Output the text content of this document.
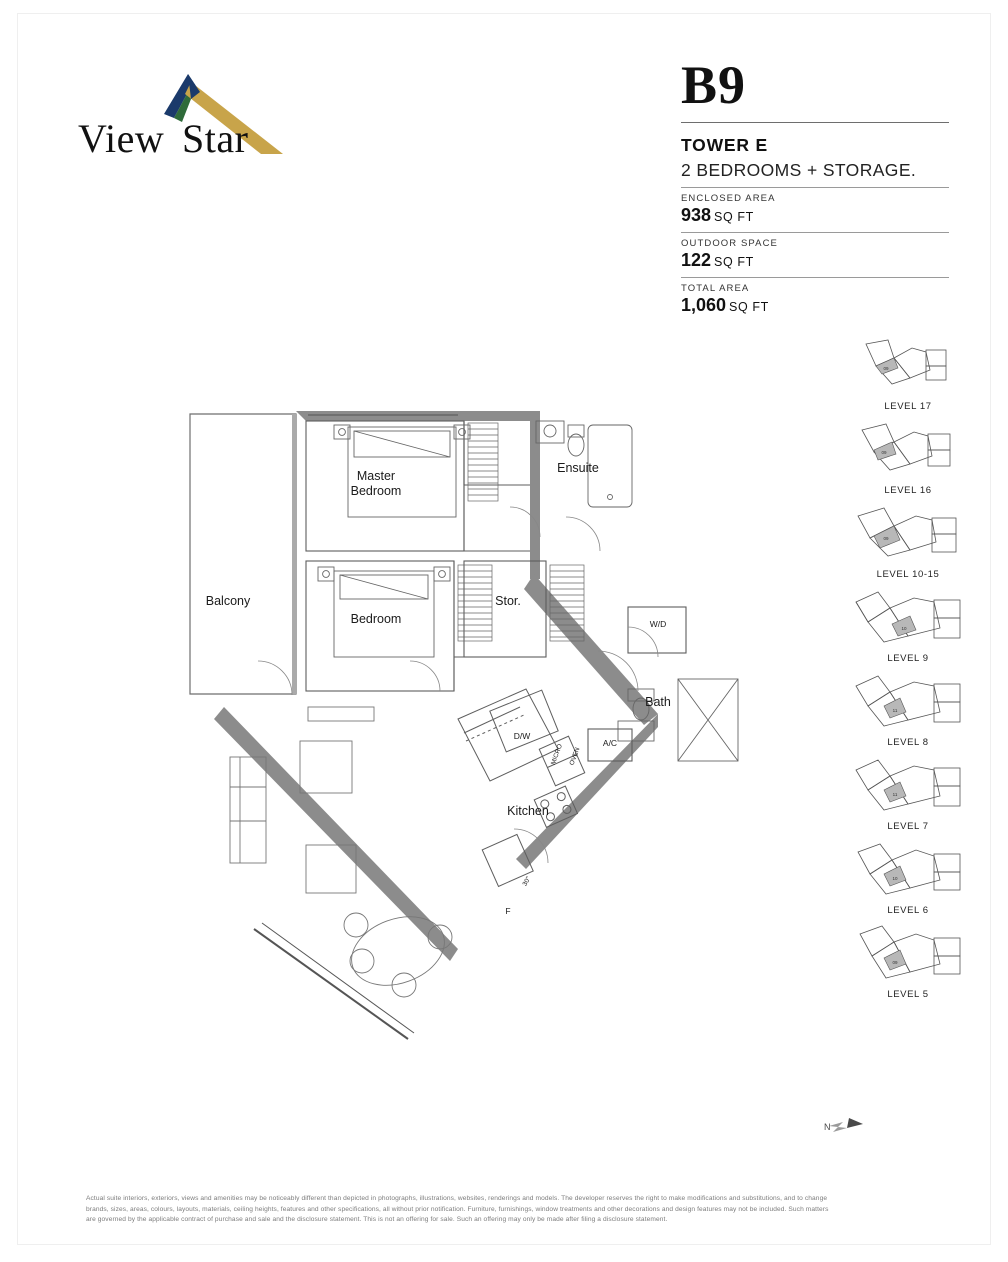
View Star
B9
TOWER E
2 BEDROOMS + STORAGE.
ENCLOSED AREA
938 SQ FT
OUTDOOR SPACE
122 SQ FT
TOTAL AREA
1,060 SQ FT
09
LEVEL 17
09
LEVEL 16
09
LEVEL 10-15
10
LEVEL 9
11
LEVEL 8
11
LEVEL 7
10
LEVEL 6
09
LEVEL 5
Master
Bedroom
Ensuite
Balcony
Bedroom
Stor.
Bath
Kitchen
W/D
A/C
D/W
F
MICRO OVEN
30"
N

Actual suite interiors, exteriors, views and amenities may be noticeably different than depicted in photographs, illustrations, websites, renderings and models. The developer reserves the right to make modifications and substitutions, and to change

brands, sizes, areas, colours, layouts, materials, ceiling heights, features and other specifications, all without prior notification. Furniture, furnishings, window treatments and other decorations and design features may not be included. Such matters

are governed by the applicable contract of purchase and sale and the disclosure statement. This is not an offering for sale. Such an offering may only be made after filing a disclosure statement.
